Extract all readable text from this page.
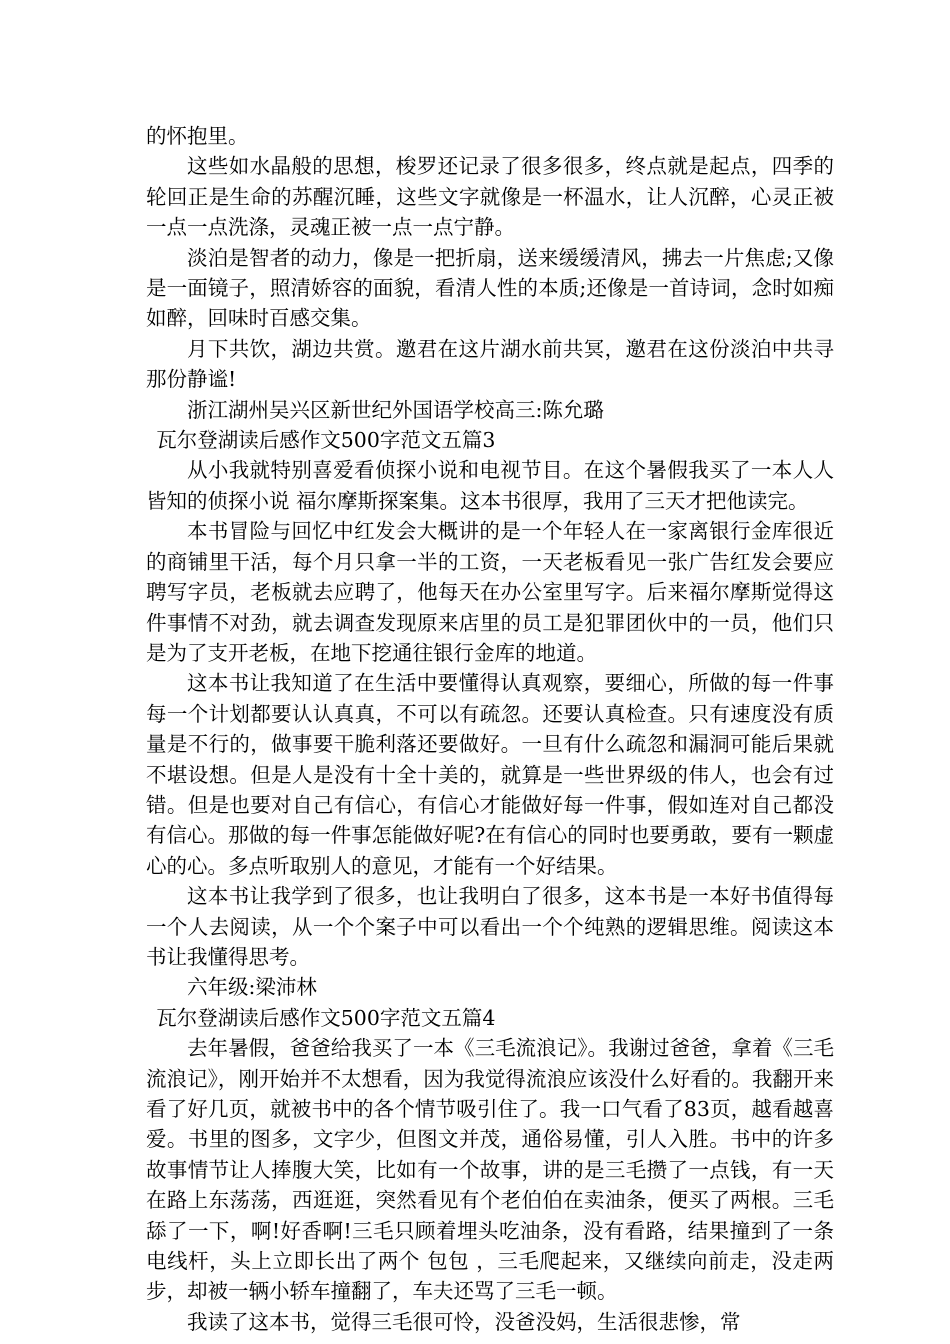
的怀抱里。

这些如水晶般的思想，梭罗还记录了很多很多，终点就是起点，四季的轮回正是生命的苏醒沉睡，这些文字就像是一杯温水，让人沉醉，心灵正被一点一点洗涤，灵魂正被一点一点宁静。

淡泊是智者的动力，像是一把折扇，送来缓缓清风，拂去一片焦虑;又像是一面镜子，照清娇容的面貌，看清人性的本质;还像是一首诗词，念时如痴如醉，回味时百感交集。

月下共饮，湖边共赏。邀君在这片湖水前共冥，邀君在这份淡泊中共寻那份静谧!

浙江湖州吴兴区新世纪外国语学校高三:陈允璐

瓦尔登湖读后感作文500字范文五篇3

从小我就特别喜爱看侦探小说和电视节目。在这个暑假我买了一本人人皆知的侦探小说 福尔摩斯探案集。这本书很厚，我用了三天才把他读完。

本书冒险与回忆中红发会大概讲的是一个年轻人在一家离银行金库很近的商铺里干活，每个月只拿一半的工资，一天老板看见一张广告红发会要应聘写字员，老板就去应聘了，他每天在办公室里写字。后来福尔摩斯觉得这件事情不对劲，就去调查发现原来店里的员工是犯罪团伙中的一员，他们只是为了支开老板，在地下挖通往银行金库的地道。

这本书让我知道了在生活中要懂得认真观察，要细心，所做的每一件事每一个计划都要认认真真，不可以有疏忽。还要认真检查。只有速度没有质量是不行的，做事要干脆利落还要做好。一旦有什么疏忽和漏洞可能后果就不堪设想。但是人是没有十全十美的，就算是一些世界级的伟人，也会有过错。但是也要对自己有信心，有信心才能做好每一件事，假如连对自己都没有信心。那做的每一件事怎能做好呢?在有信心的同时也要勇敢，要有一颗虚心的心。多点听取别人的意见，才能有一个好结果。

这本书让我学到了很多，也让我明白了很多，这本书是一本好书值得每一个人去阅读，从一个个案子中可以看出一个个纯熟的逻辑思维。阅读这本书让我懂得思考。

六年级:梁沛林

瓦尔登湖读后感作文500字范文五篇4

去年暑假，爸爸给我买了一本《三毛流浪记》。我谢过爸爸，拿着《三毛流浪记》，刚开始并不太想看，因为我觉得流浪应该没什么好看的。我翻开来看了好几页，就被书中的各个情节吸引住了。我一口气看了83页，越看越喜爱。书里的图多，文字少，但图文并茂，通俗易懂，引人入胜。书中的许多故事情节让人捧腹大笑，比如有一个故事，讲的是三毛攒了一点钱，有一天在路上东荡荡，西逛逛，突然看见有个老伯伯在卖油条，便买了两根。三毛舔了一下，啊!好香啊!三毛只顾着埋头吃油条，没有看路，结果撞到了一条电线杆，头上立即长出了两个 包包 ，三毛爬起来，又继续向前走，没走两步，却被一辆小轿车撞翻了，车夫还骂了三毛一顿。

我读了这本书，觉得三毛很可怜，没爸没妈，生活很悲惨，常
